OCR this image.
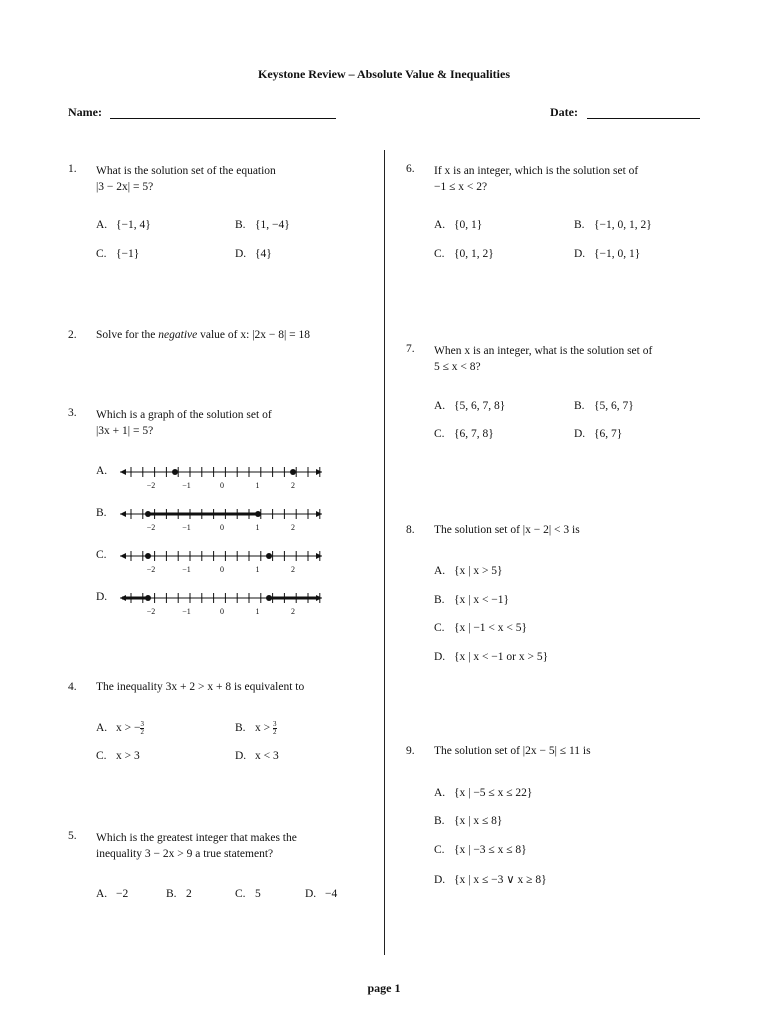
Keystone Review – Absolute Value & Inequalities
Name:	Date:
1. What is the solution set of the equation
|3 − 2x| = 5?
A. {−1, 4}	B. {1, −4}
C. {−1}	D. {4}
2. Solve for the negative value of x: |2x − 8| = 18
3. Which is a graph of the solution set of
|3x + 1| = 5?
A.
−2	−1	0	1	2
B.
−2	−1	0	1	2
C.
−2	−1	0	1	2
D.
−2	−1	0	1	2
4. The inequality 3x + 2 > x + 8 is equivalent to
A. x > − $\frac{3}{2}$	B. $x > \frac{3}{2}$
C. x > 3	D. x < 3
5. Which is the greatest integer that makes the
inequality 3 − 2x > 9 a true statement?
A. −2	B. 2	C. 5	D. −4
6. If x is an integer, which is the solution set of
−1 ≤ x < 2?
A. {0, 1}	B. {−1, 0, 1, 2}
C. {0, 1, 2}	D. {−1, 0, 1}
7. When x is an integer, what is the solution set of
5 ≤ x < 8?
A. {5, 6, 7, 8}	B. {5, 6, 7}
C. {6, 7, 8}	D. {6, 7}
8. The solution set of |x − 2| < 3 is
A. {x | x > 5}
B. {x | x < −1}
C. {x | −1 < x < 5}
D. {x | x < −1 or x > 5}
9. The solution set of |2x − 5| ≤ 11 is
A. {x | −5 ≤ x ≤ 22}
B. {x | x ≤ 8}
C. {x | −3 ≤ x ≤ 8}
D. {x | x ≤ −3 ∨ x ≥ 8}
page 1
